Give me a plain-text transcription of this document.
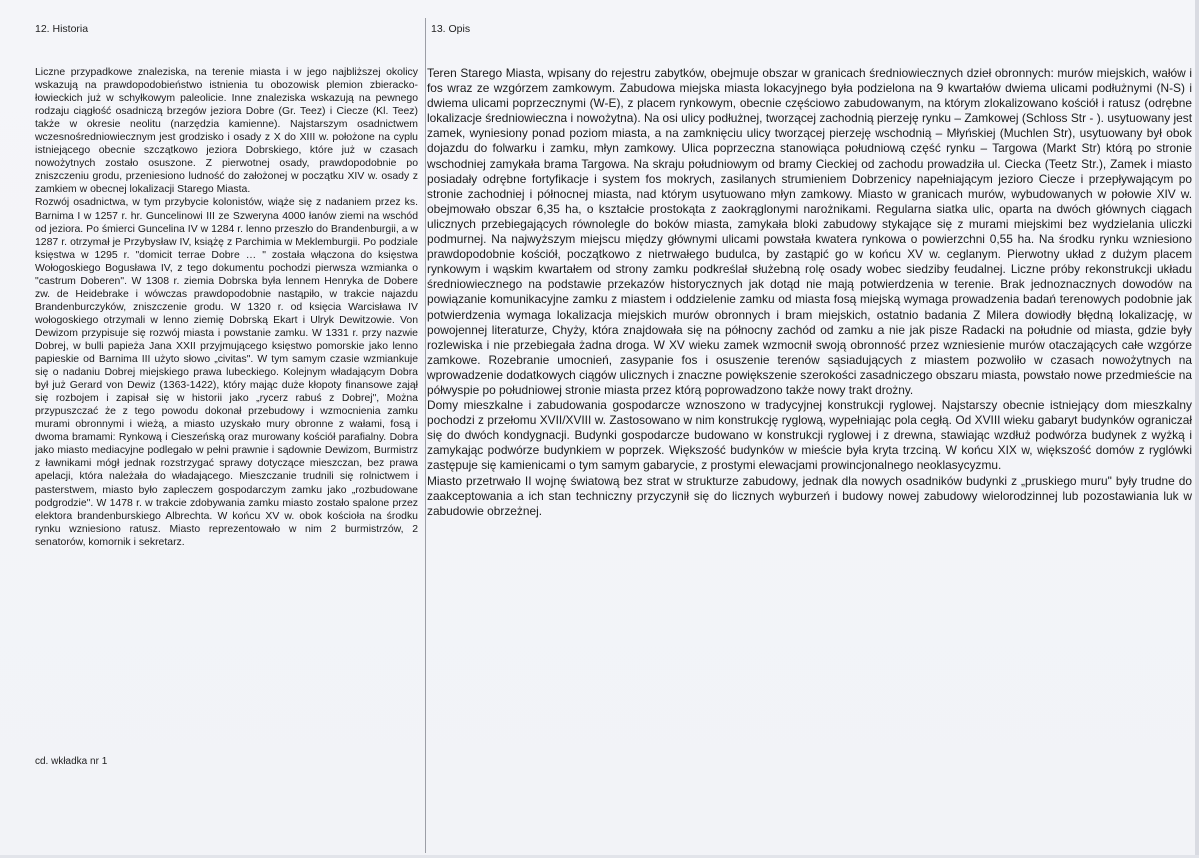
12. Historia	13. Opis

Liczne przypadkowe znaleziska, na terenie miasta i w jego najbliższej okolicy wskazują na prawdopodobieństwo istnienia tu obozowisk plemion zbieracko-łowieckich już w schyłkowym paleolicie. Inne znaleziska wskazują na pewnego rodzaju ciągłość osadniczą brzegów jeziora Dobre (Gr. Teez) i Ciecze (Kl. Teez) także w okresie neolitu (narzędzia kamienne). Najstarszym osadnictwem wczesnośredniowiecznym jest grodzisko i osady z X do XIII w. położone na cyplu istniejącego obecnie szczątkowo jeziora Dobrskiego, które już w czasach nowożytnych zostało osuszone. Z pierwotnej osady, prawdopodobnie po zniszczeniu grodu, przeniesiono ludność do założonej w początku XIV w. osady z zamkiem w obecnej lokalizacji Starego Miasta.

Rozwój osadnictwa, w tym przybycie kolonistów, wiąże się z nadaniem przez ks. Barnima I w 1257 r. hr. Guncelinowi III ze Szweryna 4000 łanów ziemi na wschód od jeziora. Po śmierci Guncelina IV w 1284 r. lenno przeszło do Brandenburgii, a w 1287 r. otrzymał je Przybysław IV, książę z Parchimia w Meklemburgii. Po podziale księstwa w 1295 r. "domicit terrae Dobre … " została włączona do księstwa Wołogoskiego Bogusława IV, z tego dokumentu pochodzi pierwsza wzmianka o "castrum Doberen". W 1308 r. ziemia Dobrska była lennem Henryka de Dobere zw. de Heidebrake i wówczas prawdopodobnie nastąpiło, w trakcie najazdu Brandenburczyków, zniszczenie grodu. W 1320 r. od księcia Warcisława IV wołogoskiego otrzymali w lenno ziemię Dobrską Ekart i Ulryk Dewitzowie. Von Dewizom przypisuje się rozwój miasta i powstanie zamku. W 1331 r. przy nazwie Dobrej, w bulli papieża Jana XXII przyjmującego księstwo pomorskie jako lenno papieskie od Barnima III użyto słowo „civitas". W tym samym czasie wzmiankuje się o nadaniu Dobrej miejskiego prawa lubeckiego. Kolejnym władającym Dobra był już Gerard von Dewiz (1363-1422), który mając duże kłopoty finansowe zajął się rozbojem i zapisał się w historii jako „rycerz rabuś z Dobrej", Można przypuszczać że z tego powodu dokonał przebudowy i wzmocnienia zamku murami obronnymi i wieżą, a miasto uzyskało mury obronne z wałami, fosą i dwoma bramami: Rynkową i Cieszeńską oraz murowany kościół parafialny. Dobra jako miasto mediacyjne podlegało w pełni prawnie i sądownie Dewizom, Burmistrz z ławnikami mógł jednak rozstrzygać sprawy dotyczące mieszczan, bez prawa apelacji, która należała do władającego. Mieszczanie trudnili się rolnictwem i pasterstwem, miasto było zapleczem gospodarczym zamku jako „rozbudowane podgrodzie". W 1478 r. w trakcie zdobywania zamku miasto zostało spalone przez elektora brandenburskiego Albrechta. W końcu XV w. obok kościoła na środku rynku wzniesiono ratusz. Miasto reprezentowało w nim 2 burmistrzów, 2 senatorów, komornik i sekretarz.

cd. wkładka nr 1

Teren Starego Miasta, wpisany do rejestru zabytków, obejmuje obszar w granicach średniowiecznych dzieł obronnych: murów miejskich, wałów i fos wraz ze wzgórzem zamkowym. Zabudowa miejska miasta lokacyjnego była podzielona na 9 kwartałów dwiema ulicami podłużnymi (N-S) i dwiema ulicami poprzecznymi (W-E), z placem rynkowym, obecnie częściowo zabudowanym, na którym zlokalizowano kościół i ratusz (odrębne lokalizacje średniowieczna i nowożytna). Na osi ulicy podłużnej, tworzącej zachodnią pierzeję rynku – Zamkowej (Schloss Str - ). usytuowany jest zamek, wyniesiony ponad poziom miasta, a na zamknięciu ulicy tworzącej pierzeję wschodnią – Młyńskiej (Muchlen Str), usytuowany był obok dojazdu do folwarku i zamku, młyn zamkowy. Ulica poprzeczna stanowiąca południową część rynku – Targowa (Markt Str) którą po stronie wschodniej zamykała brama Targowa. Na skraju południowym od bramy Cieckiej od zachodu prowadziła ul. Ciecka (Teetz Str.), Zamek i miasto posiadały odrębne fortyfikacje i system fos mokrych, zasilanych strumieniem Dobrzenicy napełniającym jezioro Ciecze i przepływającym po stronie zachodniej i północnej miasta, nad którym usytuowano młyn zamkowy. Miasto w granicach murów, wybudowanych w połowie XIV w. obejmowało obszar 6,35 ha, o kształcie prostokąta z zaokrąglonymi narożnikami. Regularna siatka ulic, oparta na dwóch głównych ciągach ulicznych przebiegających równolegle do boków miasta, zamykała bloki zabudowy stykające się z murami miejskimi bez wydzielania uliczki podmurnej. Na najwyższym miejscu między głównymi ulicami powstała kwatera rynkowa o powierzchni 0,55 ha. Na środku rynku wzniesiono prawdopodobnie kościół, początkowo z nietrwałego budulca, by zastąpić go w końcu XV w. ceglanym. Pierwotny układ z dużym placem rynkowym i wąskim kwartałem od strony zamku podkreślał służebną rolę osady wobec siedziby feudalnej. Liczne próby rekonstrukcji układu średniowiecznego na podstawie przekazów historycznych jak dotąd nie mają potwierdzenia w terenie. Brak jednoznacznych dowodów na powiązanie komunikacyjne zamku z miastem i oddzielenie zamku od miasta fosą miejską wymaga prowadzenia badań terenowych podobnie jak potwierdzenia wymaga lokalizacja miejskich murów obronnych i bram miejskich, ostatnio badania Z Milera dowiodły błędną lokalizację, w powojennej literaturze, Chyży, która znajdowała się na północny zachód od zamku a nie jak pisze Radacki na południe od miasta, gdzie były rozlewiska i nie przebiegała żadna droga. W XV wieku zamek wzmocnił swoją obronność przez wzniesienie murów otaczających całe wzgórze zamkowe. Rozebranie umocnień, zasypanie fos i osuszenie terenów sąsiadujących z miastem pozwoliło w czasach nowożytnych na wprowadzenie dodatkowych ciągów ulicznych i znaczne powiększenie szerokości zasadniczego obszaru miasta, powstało nowe przedmieście na półwyspie po południowej stronie miasta przez którą poprowadzono także nowy trakt drożny.

Domy mieszkalne i zabudowania gospodarcze wznoszono w tradycyjnej konstrukcji ryglowej. Najstarszy obecnie istniejący dom mieszkalny pochodzi z przełomu XVII/XVIII w. Zastosowano w nim konstrukcję ryglową, wypełniając pola cegłą. Od XVIII wieku gabaryt budynków ograniczał się do dwóch kondygnacji. Budynki gospodarcze budowano w konstrukcji ryglowej i z drewna, stawiając wzdłuż podwórza budynek z wyżką i zamykając podwórze budynkiem w poprzek. Większość budynków w mieście była kryta trzciną. W końcu XIX w, większość domów z ryglówki zastępuje się kamienicami o tym samym gabarycie, z prostymi elewacjami prowincjonalnego neoklasycyzmu.

Miasto przetrwało II wojnę światową bez strat w strukturze zabudowy, jednak dla nowych osadników budynki z „pruskiego muru" były trudne do zaakceptowania a ich stan techniczny przyczynił się do licznych wyburzeń i budowy nowej zabudowy wielorodzinnej lub pozostawiania luk w zabudowie obrzeżnej.
